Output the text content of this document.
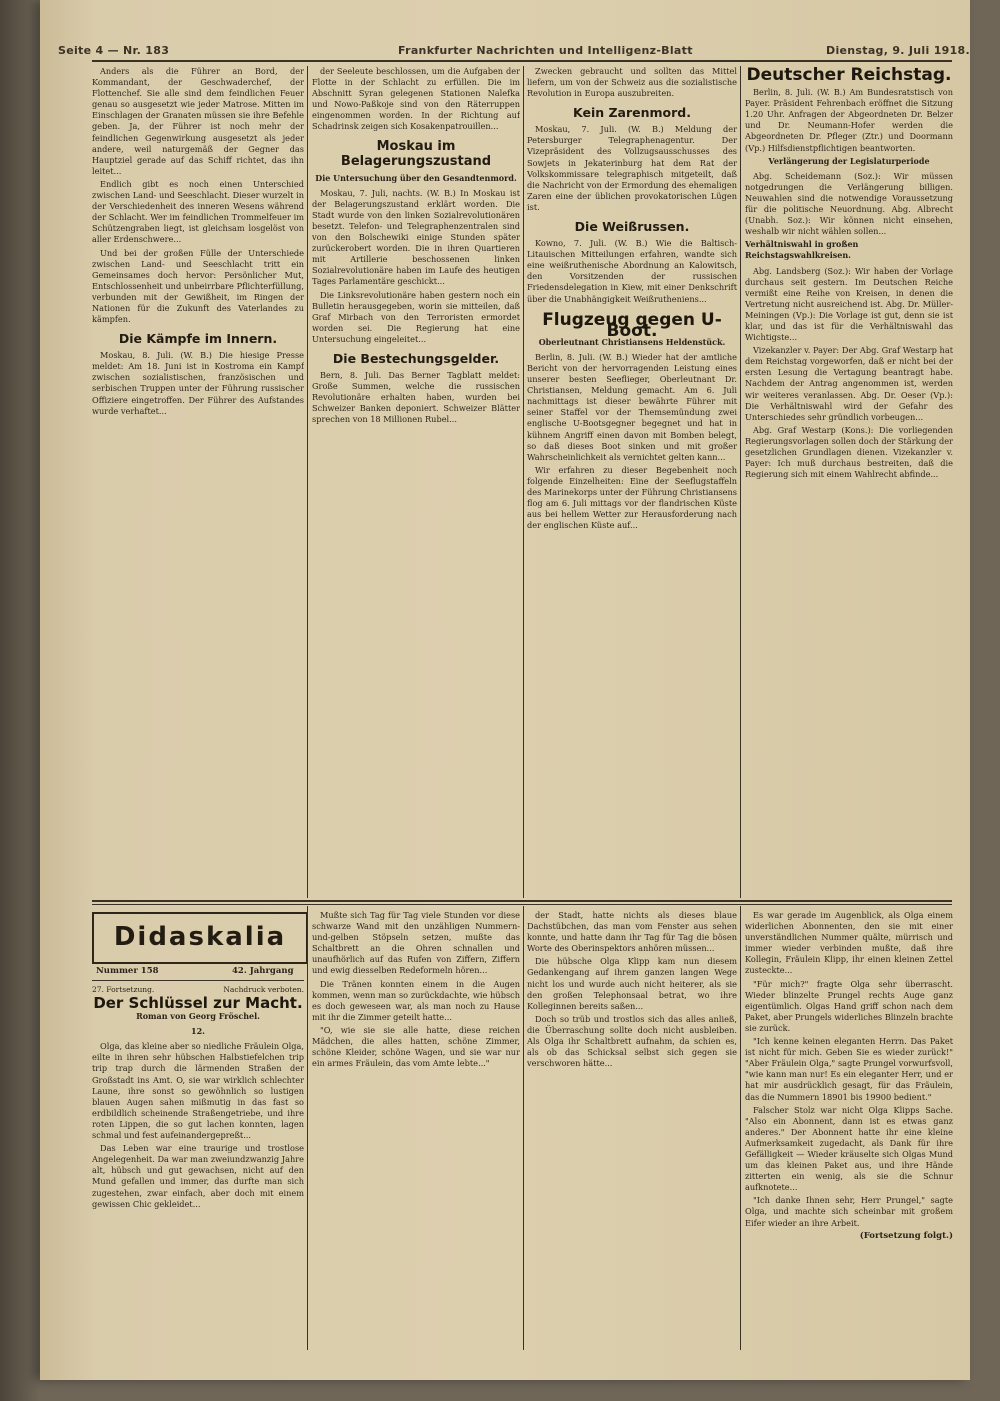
Seite 4 — Nr. 183	Frankfurter Nachrichten und Intelligenz-Blatt	Dienstag, 9. Juli 1918.

Anders als die Führer an Bord, der Kommandant, der Geschwaderchef, der Flottenchef. Sie alle sind dem feindlichen Feuer genau so ausgesetzt wie jeder Matrose. Mitten im Einschlagen der Granaten müssen sie ihre Befehle geben. Ja, der Führer ist noch mehr der feindlichen Gegenwirkung ausgesetzt als jeder andere, weil naturgemäß der Gegner das Hauptziel gerade auf das Schiff richtet, das ihn leitet...

Endlich gibt es noch einen Unterschied zwischen Land- und Seeschlacht. Dieser wurzelt in der Verschiedenheit des inneren Wesens während der Schlacht. Wer im feindlichen Trommelfeuer im Schützengraben liegt, ist gleichsam losgelöst von aller Erdenschwere...

Und bei der großen Fülle der Unterschiede zwischen Land- und Seeschlacht tritt ein Gemeinsames doch hervor: Persönlicher Mut, Entschlossenheit und unbeirrbare Pflichterfüllung, verbunden mit der Gewißheit, im Ringen der Nationen für die Zukunft des Vaterlandes zu kämpfen.

Die Kämpfe im Innern.

Moskau, 8. Juli. (W. B.) Die hiesige Presse meldet: Am 18. Juni ist in Kostroma ein Kampf zwischen sozialistischen, französischen und serbischen Truppen unter der Führung russischer Offiziere eingetroffen. Der Führer des Aufstandes wurde verhaftet...

der Seeleute beschlossen, um die Aufgaben der Flotte in der Schlacht zu erfüllen. Die im Abschnitt Syran gelegenen Stationen Nalefka und Nowo-Paßkoje sind von den Räterruppen eingenommen worden. In der Richtung auf Schadrinsk zeigen sich Kosakenpatrouillen...

Moskau im Belagerungszustand
Die Untersuchung über den Gesandtenmord.

Moskau, 7. Juli, nachts. (W. B.) In Moskau ist der Belagerungszustand erklärt worden. Die Stadt wurde von den linken Sozialrevolutionären besetzt. Telefon- und Telegraphenzentralen sind von den Bolschewiki einige Stunden später zurückerobert worden. Die in ihren Quartieren mit Artillerie beschossenen linken Sozialrevolutionäre haben im Laufe des heutigen Tages Parlamentäre geschickt...

Die Linksrevolutionäre haben gestern noch ein Bulletin herausgegeben, worin sie mitteilen, daß Graf Mirbach von den Terroristen ermordet worden sei. Die Regierung hat eine Untersuchung eingeleitet...

Die Bestechungsgelder.

Bern, 8. Juli. Das Berner Tagblatt meldet: Große Summen, welche die russischen Revolutionäre erhalten haben, wurden bei Schweizer Banken deponiert. Schweizer Blätter sprechen von 18 Millionen Rubel...

Zwecken gebraucht und sollten das Mittel liefern, um von der Schweiz aus die sozialistische Revolution in Europa auszubreiten.

Kein Zarenmord.

Moskau, 7. Juli. (W. B.) Meldung der Petersburger Telegraphenagentur. Der Vizepräsident des Vollzugsausschusses des Sowjets in Jekaterinburg hat dem Rat der Volkskommissare telegraphisch mitgeteilt, daß die Nachricht von der Ermordung des ehemaligen Zaren eine der üblichen provokatorischen Lügen ist.

Die Weißrussen.

Kowno, 7. Juli. (W. B.) Wie die Baltisch-Litauischen Mitteilungen erfahren, wandte sich eine weißruthenische Abordnung an Kalowitsch, den Vorsitzenden der russischen Friedensdelegation in Kiew, mit einer Denkschrift über die Unabhängigkeit Weißrutheniens...

Flugzeug gegen U-Boot.
Oberleutnant Christiansens Heldenstück.

Berlin, 8. Juli. (W. B.) Wieder hat der amtliche Bericht von der hervorragenden Leistung eines unserer besten Seeflieger, Oberleutnant Dr. Christiansen, Meldung gemacht. Am 6. Juli nachmittags ist dieser bewährte Führer mit seiner Staffel vor der Themsemündung zwei englische U-Bootsgegner begegnet und hat in kühnem Angriff einen davon mit Bomben belegt, so daß dieses Boot sinken und mit großer Wahrscheinlichkeit als vernichtet gelten kann...

Wir erfahren zu dieser Begebenheit noch folgende Einzelheiten: Eine der Seeflugstaffeln des Marinekorps unter der Führung Christiansens flog am 6. Juli mittags vor der flandrischen Küste aus bei hellem Wetter zur Herausforderung nach der englischen Küste auf...

Deutscher Reichstag.

Berlin, 8. Juli. (W. B.) Am Bundesratstisch von Payer. Präsident Fehrenbach eröffnet die Sitzung 1.20 Uhr. Anfragen der Abgeordneten Dr. Belzer und Dr. Neumann-Hofer werden die Abgeordneten Dr. Pfleger (Ztr.) und Doormann (Vp.) Hilfsdienstpflichtigen beantworten.

Verlängerung der Legislaturperiode

Abg. Scheidemann (Soz.): Wir müssen notgedrungen die Verlängerung billigen. Neuwahlen sind die notwendige Voraussetzung für die politische Neuordnung. Abg. Albrecht (Unabh. Soz.): Wir können nicht einsehen, weshalb wir nicht wählen sollen...

Verhältniswahl in großen Reichstagswahlkreisen.

Abg. Landsberg (Soz.): Wir haben der Vorlage durchaus seit gestern. Im Deutschen Reiche vermißt eine Reihe von Kreisen, in denen die Vertretung nicht ausreichend ist. Abg. Dr. Müller-Meiningen (Vp.): Die Vorlage ist gut, denn sie ist klar, und das ist für die Verhältniswahl das Wichtigste...

Vizekanzler v. Payer: Der Abg. Graf Westarp hat dem Reichstag vorgeworfen, daß er nicht bei der ersten Lesung die Vertagung beantragt habe. Nachdem der Antrag angenommen ist, werden wir weiteres veranlassen. Abg. Dr. Oeser (Vp.): Die Verhältniswahl wird der Gefahr des Unterschiedes sehr gründlich vorbeugen...

Abg. Graf Westarp (Kons.): Die vorliegenden Regierungsvorlagen sollen doch der Stärkung der gesetzlichen Grundlagen dienen. Vizekanzler v. Payer: Ich muß durchaus bestreiten, daß die Regierung sich mit einem Wahlrecht abfinde...

Didaskalia
Nummer 158	42. Jahrgang
27. Fortsetzung.	Nachdruck verboten.
Der Schlüssel zur Macht.
Roman von Georg Fröschel.
12.

Olga, das kleine aber so niedliche Fräulein Olga, eilte in ihren sehr hübschen Halbstiefelchen trip trip trap durch die lärmenden Straßen der Großstadt ins Amt. O, sie war wirklich schlechter Laune, ihre sonst so gewöhnlich so lustigen blauen Augen sahen mißmutig in das fast so erdbildlich scheinende Straßengetriebe, und ihre roten Lippen, die so gut lachen konnten, lagen schmal und fest aufeinandergepreßt...

Das Leben war eine traurige und trostlose Angelegenheit. Da war man zweiundzwanzig Jahre alt, hübsch und gut gewachsen, nicht auf den Mund gefallen und immer, das durfte man sich zugestehen, zwar einfach, aber doch mit einem gewissen Chic gekleidet...

Mußte sich Tag für Tag viele Stunden vor diese schwarze Wand mit den unzähligen Nummern-und-gelben Stöpseln setzen, mußte das Schaltbrett an die Ohren schnallen und unaufhörlich auf das Rufen von Ziffern, Ziffern und ewig diesselben Redeformeln hören...

Die Tränen konnten einem in die Augen kommen, wenn man so zurückdachte, wie hübsch es doch geweseen war, als man noch zu Hause mit ihr die Zimmer geteilt hatte...

"O, wie sie sie alle hatte, diese reichen Mädchen, die alles hatten, schöne Zimmer, schöne Kleider, schöne Wagen, und sie war nur ein armes Fräulein, das vom Amte lebte..."

der Stadt, hatte nichts als dieses blaue Dachstübchen, das man vom Fenster aus sehen konnte, und hatte dann ihr Tag für Tag die bösen Worte des Oberinspektors anhören müssen...

Die hübsche Olga Klipp kam nun diesem Gedankengang auf ihrem ganzen langen Wege nicht los und wurde auch nicht heiterer, als sie den großen Telephonsaal betrat, wo ihre Kolleginnen bereits saßen...

Doch so trüb und trostlos sich das alles anließ, die Überraschung sollte doch nicht ausbleiben. Als Olga ihr Schaltbrett aufnahm, da schien es, als ob das Schicksal selbst sich gegen sie verschworen hätte...

Es war gerade im Augenblick, als Olga einem widerlichen Abonnenten, den sie mit einer unverständlichen Nummer quälte, mürrisch und immer wieder verbinden mußte, daß ihre Kollegin, Fräulein Klipp, ihr einen kleinen Zettel zusteckte...

"Für mich?" fragte Olga sehr überrascht. Wieder blinzelte Prungel rechts Auge ganz eigentümlich. Olgas Hand griff schon nach dem Paket, aber Prungels widerliches Blinzeln brachte sie zurück.

"Ich kenne keinen eleganten Herrn. Das Paket ist nicht für mich. Geben Sie es wieder zurück!" "Aber Fräulein Olga," sagte Prungel vorwurfsvoll, "wie kann man nur! Es ein eleganter Herr, und er hat mir ausdrücklich gesagt, für das Fräulein, das die Nummern 18901 bis 19900 bedient."

Falscher Stolz war nicht Olga Klipps Sache. "Also ein Abonnent, dann ist es etwas ganz anderes." Der Abonnent hatte ihr eine kleine Aufmerksamkeit zugedacht, als Dank für ihre Gefälligkeit — Wieder kräuselte sich Olgas Mund um das kleinen Paket aus, und ihre Hände zitterten ein wenig, als sie die Schnur aufknotete...

"Ich danke Ihnen sehr, Herr Prungel," sagte Olga, und machte sich scheinbar mit großem Eifer wieder an ihre Arbeit.

(Fortsetzung folgt.)
